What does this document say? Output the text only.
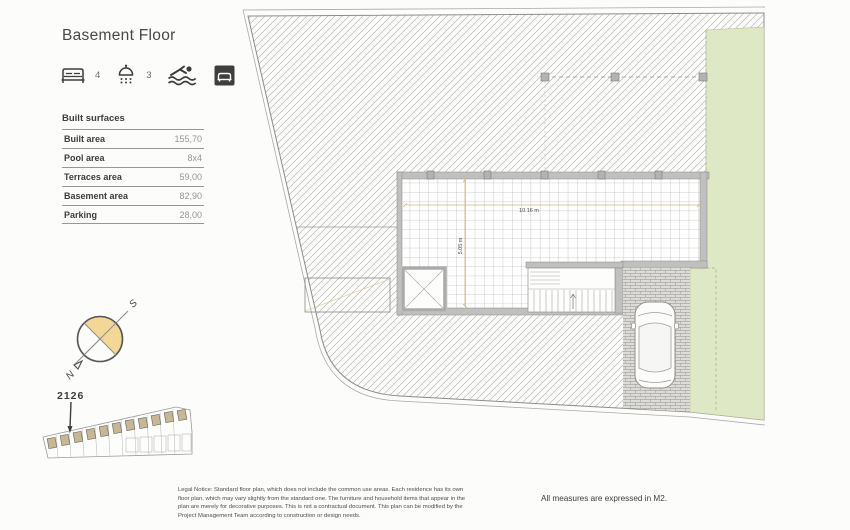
Basement Floor
4	3
Built surfaces
Built area	155,70
Pool area	8x4
Terraces area	59,00
Basement area	82,90
Parking	28,00
N
S
2126
10.16 m
5.05 m
Legal Notice: Standard floor plan, which does not include the common use areas. Each residence has its own floor plan, which may vary slightly from the standard one. The furniture and household items that appear in the plan are merely for decorative purposes. This is not a contractual document. This plan can be modified by the Project Management Team according to construction or design needs.
All measures are expressed in M2.
